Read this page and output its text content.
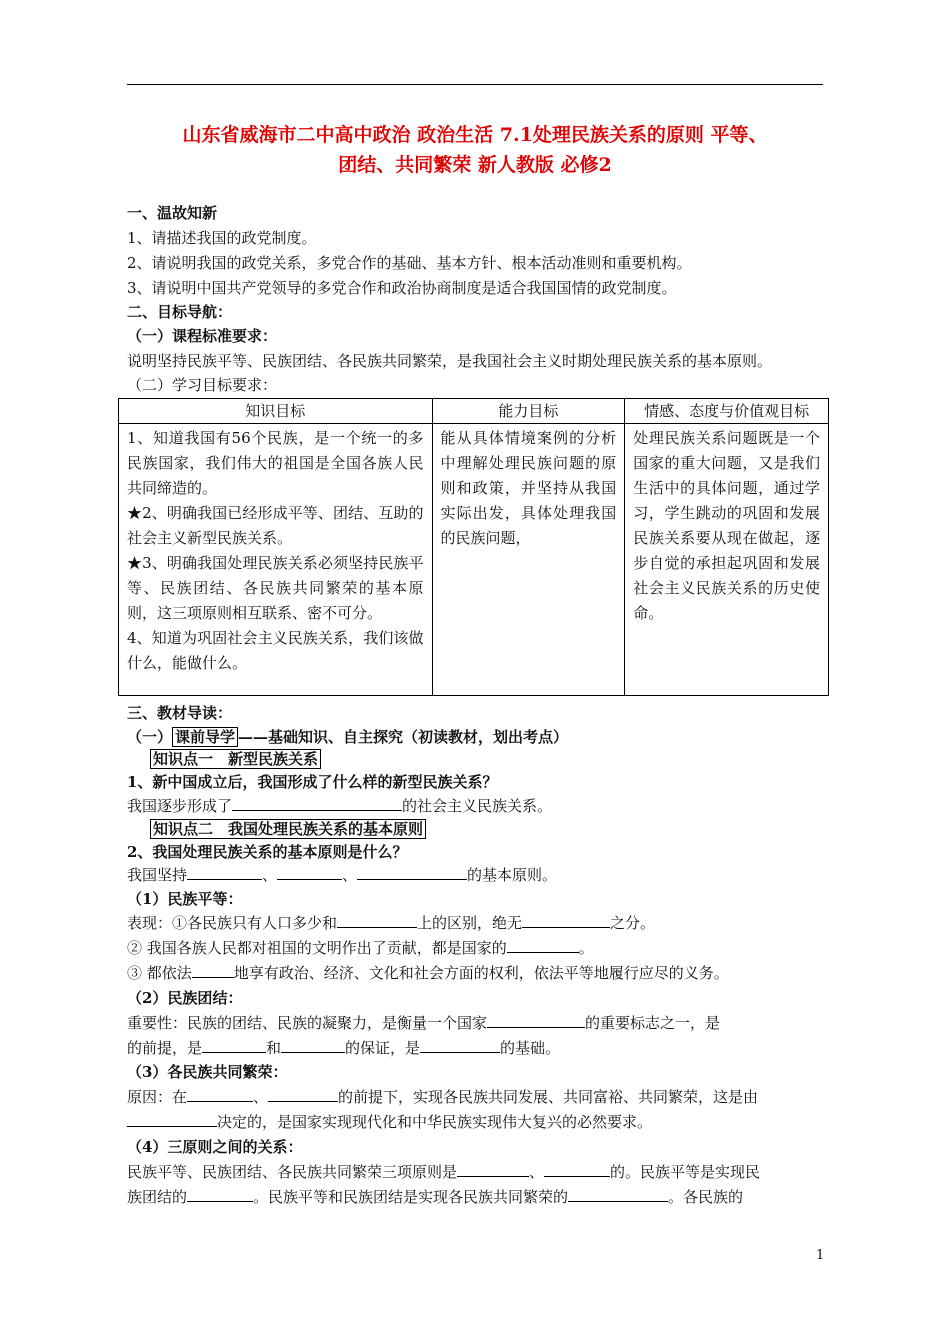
山东省威海市二中高中政治 政治生活 7.1处理民族关系的原则 平等、
团结、共同繁荣 新人教版 必修2
一、温故知新
1、请描述我国的政党制度。
2、请说明我国的政党关系，多党合作的基础、基本方针、根本活动准则和重要机构。
3、请说明中国共产党领导的多党合作和政治协商制度是适合我国国情的政党制度。
二、目标导航：
（一）课程标准要求：
说明坚持民族平等、民族团结、各民族共同繁荣，是我国社会主义时期处理民族关系的基本原则。
（二）学习目标要求：
知识目标	能力目标	情感、态度与价值观目标

1、知道我国有56个民族，是一个统一的多民族国家，我们伟大的祖国是全国各族人民共同缔造的。
★2、明确我国已经形成平等、团结、互助的社会主义新型民族关系。
★3、明确我国处理民族关系必须坚持民族平等、民族团结、各民族共同繁荣的基本原则，这三项原则相互联系、密不可分。
4、知道为巩固社会主义民族关系，我们该做什么，能做什么。	能从具体情境案例的分析中理解处理民族问题的原则和政策，并坚持从我国实际出发，具体处理我国的民族问题，	处理民族关系问题既是一个国家的重大问题，又是我们生活中的具体问题，通过学习，学生跳动的巩固和发展民族关系要从现在做起，逐步自觉的承担起巩固和发展社会主义民族关系的历史使命。
三、教材导读：
（一） 课前导学 ——基础知识、自主探究（初读教材，划出考点）
知识点一　新型民族关系
1、新中国成立后，我国形成了什么样的新型民族关系？
我国逐步形成了	的社会主义民族关系。
知识点二　我国处理民族关系的基本原则
2、我国处理民族关系的基本原则是什么？
我国坚持	、	、	的基本原则。
（1）民族平等：
表现：①各民族只有人口多少和	上的区别，绝无	之分。
② 我国各族人民都对祖国的文明作出了贡献，都是国家的	。
③ 都依法	地享有政治、经济、文化和社会方面的权利，依法平等地履行应尽的义务。
（2）民族团结：
重要性：民族的团结、民族的凝聚力，是衡量一个国家	的重要标志之一，是
的前提，是	和	的保证，是	的基础。
（3）各民族共同繁荣：
原因：在	、	的前提下，实现各民族共同发展、共同富裕、共同繁荣，这是由
决定的，是国家实现现代化和中华民族实现伟大复兴的必然要求。
（4）三原则之间的关系：
民族平等、民族团结、各民族共同繁荣三项原则是	、	的。民族平等是实现民
族团结的	。民族平等和民族团结是实现各民族共同繁荣的	。各民族的
1
